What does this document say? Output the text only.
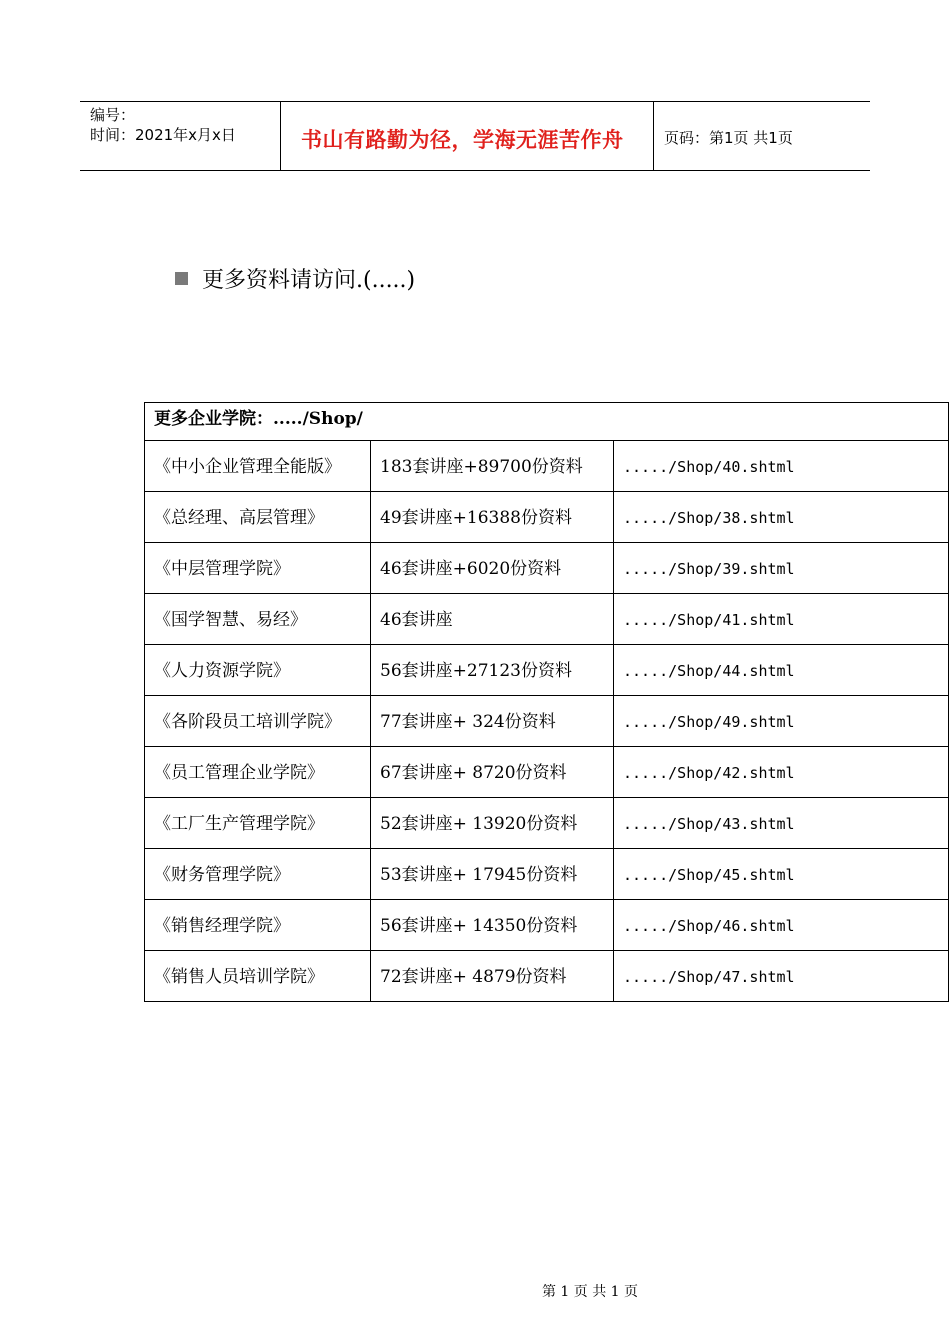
编号：
时间：2021年x月x日	书山有路勤为径，学海无涯苦作舟	页码：第1页 共1页
更多资料请访问.(.....)
更多企业学院：...../Shop/		
《中小企业管理全能版》	183套讲座+89700份资料	...../Shop/40.shtml
《总经理、高层管理》	49套讲座+16388份资料	...../Shop/38.shtml
《中层管理学院》	46套讲座+6020份资料	...../Shop/39.shtml
《国学智慧、易经》	46套讲座	...../Shop/41.shtml
《人力资源学院》	56套讲座+27123份资料	...../Shop/44.shtml
《各阶段员工培训学院》	77套讲座+ 324份资料	...../Shop/49.shtml
《员工管理企业学院》	67套讲座+ 8720份资料	...../Shop/42.shtml
《工厂生产管理学院》	52套讲座+ 13920份资料	...../Shop/43.shtml
《财务管理学院》	53套讲座+ 17945份资料	...../Shop/45.shtml
《销售经理学院》	56套讲座+ 14350份资料	...../Shop/46.shtml
《销售人员培训学院》	72套讲座+ 4879份资料	...../Shop/47.shtml
第 1 页 共 1 页
